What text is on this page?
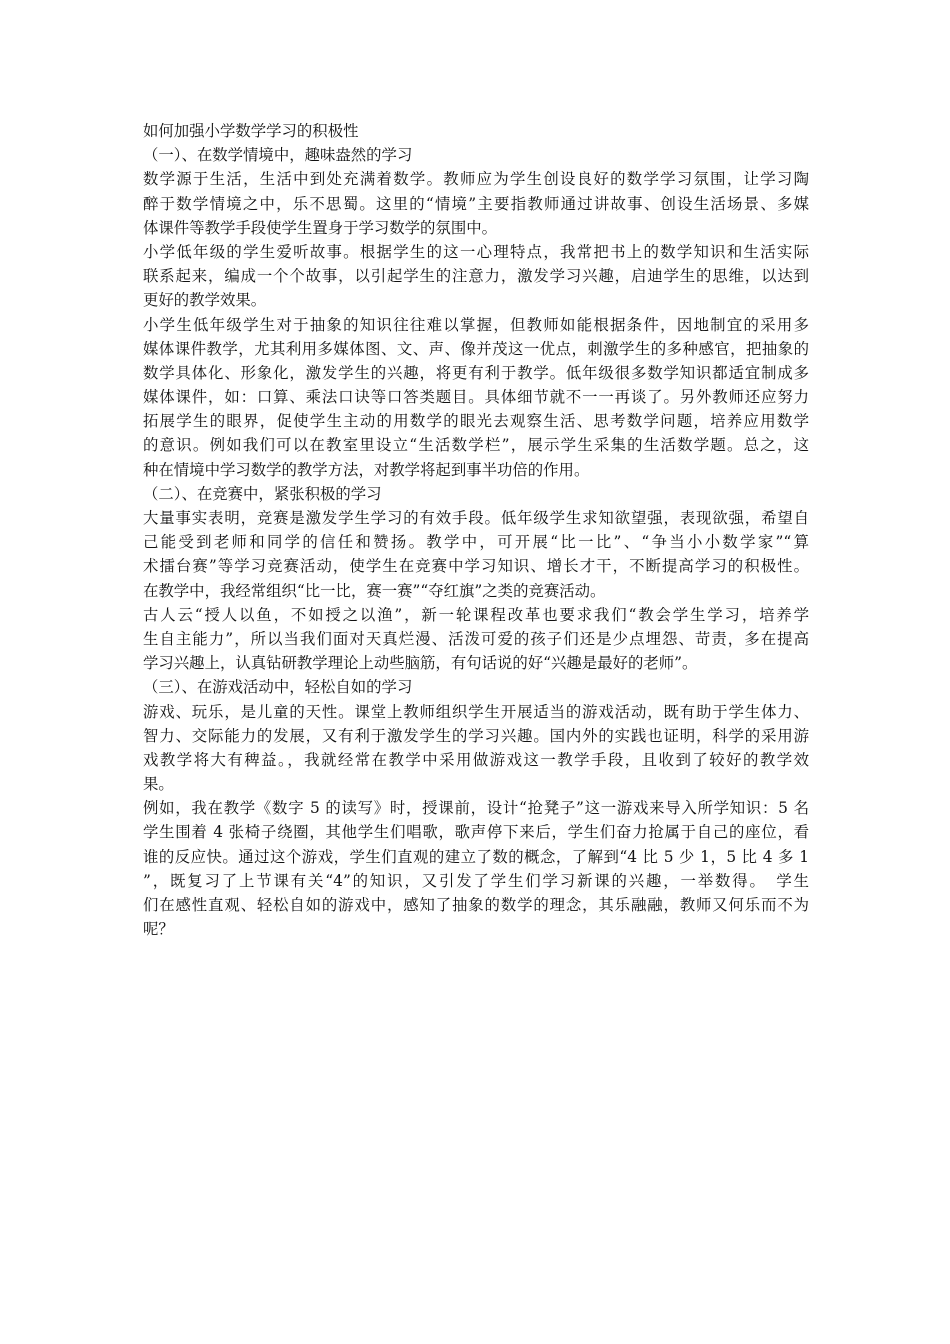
如何加强小学数学学习的积极性
（一）、在数学情境中，趣味盎然的学习
数学源于生活，生活中到处充满着数学。教师应为学生创设良好的数学学习氛围，让学习陶
醉于数学情境之中，乐不思蜀。这里的“情境”主要指教师通过讲故事、创设生活场景、多媒
体课件等教学手段使学生置身于学习数学的氛围中。
小学低年级的学生爱听故事。根据学生的这一心理特点，我常把书上的数学知识和生活实际
联系起来，编成一个个故事，以引起学生的注意力，激发学习兴趣，启迪学生的思维，以达到
更好的教学效果。
小学生低年级学生对于抽象的知识往往难以掌握，但教师如能根据条件，因地制宜的采用多
媒体课件教学，尤其利用多媒体图、文、声、像并茂这一优点，刺激学生的多种感官，把抽象的
数学具体化、形象化，激发学生的兴趣，将更有利于教学。低年级很多数学知识都适宜制成多
媒体课件，如：口算、乘法口诀等口答类题目。具体细节就不一一再谈了。另外教师还应努力
拓展学生的眼界，促使学生主动的用数学的眼光去观察生活、思考数学问题，培养应用数学
的意识。例如我们可以在教室里设立“生活数学栏”，展示学生采集的生活数学题。总之，这
种在情境中学习数学的教学方法，对教学将起到事半功倍的作用。
（二）、在竞赛中，紧张积极的学习
大量事实表明，竞赛是激发学生学习的有效手段。低年级学生求知欲望强，表现欲强，希望自
己能受到老师和同学的信任和赞扬。教学中，可开展“比一比”、“争当小小数学家”“算
术擂台赛”等学习竞赛活动，使学生在竞赛中学习知识、增长才干，不断提高学习的积极性。
在教学中，我经常组织“比一比，赛一赛”“夺红旗”之类的竞赛活动。
古人云“授人以鱼，不如授之以渔”，新一轮课程改革也要求我们“教会学生学习，培养学
生自主能力”，所以当我们面对天真烂漫、活泼可爱的孩子们还是少点埋怨、苛责，多在提高
学习兴趣上，认真钻研教学理论上动些脑筋，有句话说的好“兴趣是最好的老师”。
（三）、在游戏活动中，轻松自如的学习
游戏、玩乐，是儿童的天性。课堂上教师组织学生开展适当的游戏活动，既有助于学生体力、
智力、交际能力的发展，又有利于激发学生的学习兴趣。国内外的实践也证明，科学的采用游
戏教学将大有稗益。，我就经常在教学中采用做游戏这一教学手段，且收到了较好的教学效
果。
例如，我在教学《数字 5 的读写》时，授课前，设计“抢凳子”这一游戏来导入所学知识：5 名
学生围着 4 张椅子绕圈，其他学生们唱歌，歌声停下来后，学生们奋力抢属于自己的座位，看
谁的反应快。通过这个游戏，学生们直观的建立了数的概念，了解到“4 比 5 少 1，5 比 4 多 1
”，既复习了上节课有关“4”的知识，又引发了学生们学习新课的兴趣，一举数得。　学生
们在感性直观、轻松自如的游戏中，感知了抽象的数学的理念，其乐融融，教师又何乐而不为
呢？
